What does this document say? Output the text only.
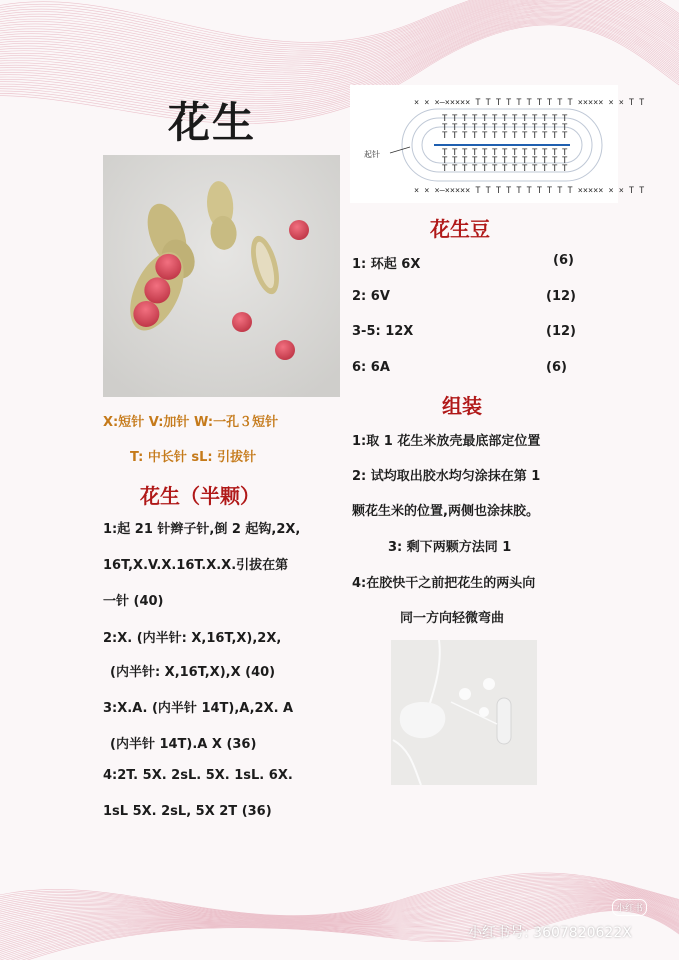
花生
X:短针 V:加针 W:一孔３短针
T: 中长针 sL: 引拔针
花生（半颗）
1:起 21 针辫子针,倒 2 起钩,2X,
16T,X.V.X.16T.X.X.引拔在第
一针 (40)
2:X. (内半针: X,16T,X),2X,
(内半针: X,16T,X),X (40)
3:X.A. (内半针 14T),A,2X. A
(内半针 14T).A X (36)
4:2T. 5X. 2sL. 5X. 1sL. 6X.
1sL 5X. 2sL, 5X 2T (36)
起针
× × ×—××××× T T T T T T T T T T ××××× × × T T
× × ×—××××× T T T T T T T T T T ××××× × × T T
T T T T T T T T T T T T T
T T T T T T T T T T T T T
T T T T T T T T T T T T T
T T T T T T T T T T T T T
T T T T T T T T T T T T T
T T T T T T T T T T T T T
花生豆
1: 环起 6X	(6)
2: 6V	(12)
3-5: 12X	(12)
6: 6A	(6)
组装
1:取 1 花生米放壳最底部定位置
2: 试均取出胶水均匀涂抹在第 1
颗花生米的位置,两侧也涂抹胶。
3: 剩下两颗方法同 1
4:在胶快干之前把花生的两头向
同一方向轻微弯曲
小红书
小红书号: 3607820622X
